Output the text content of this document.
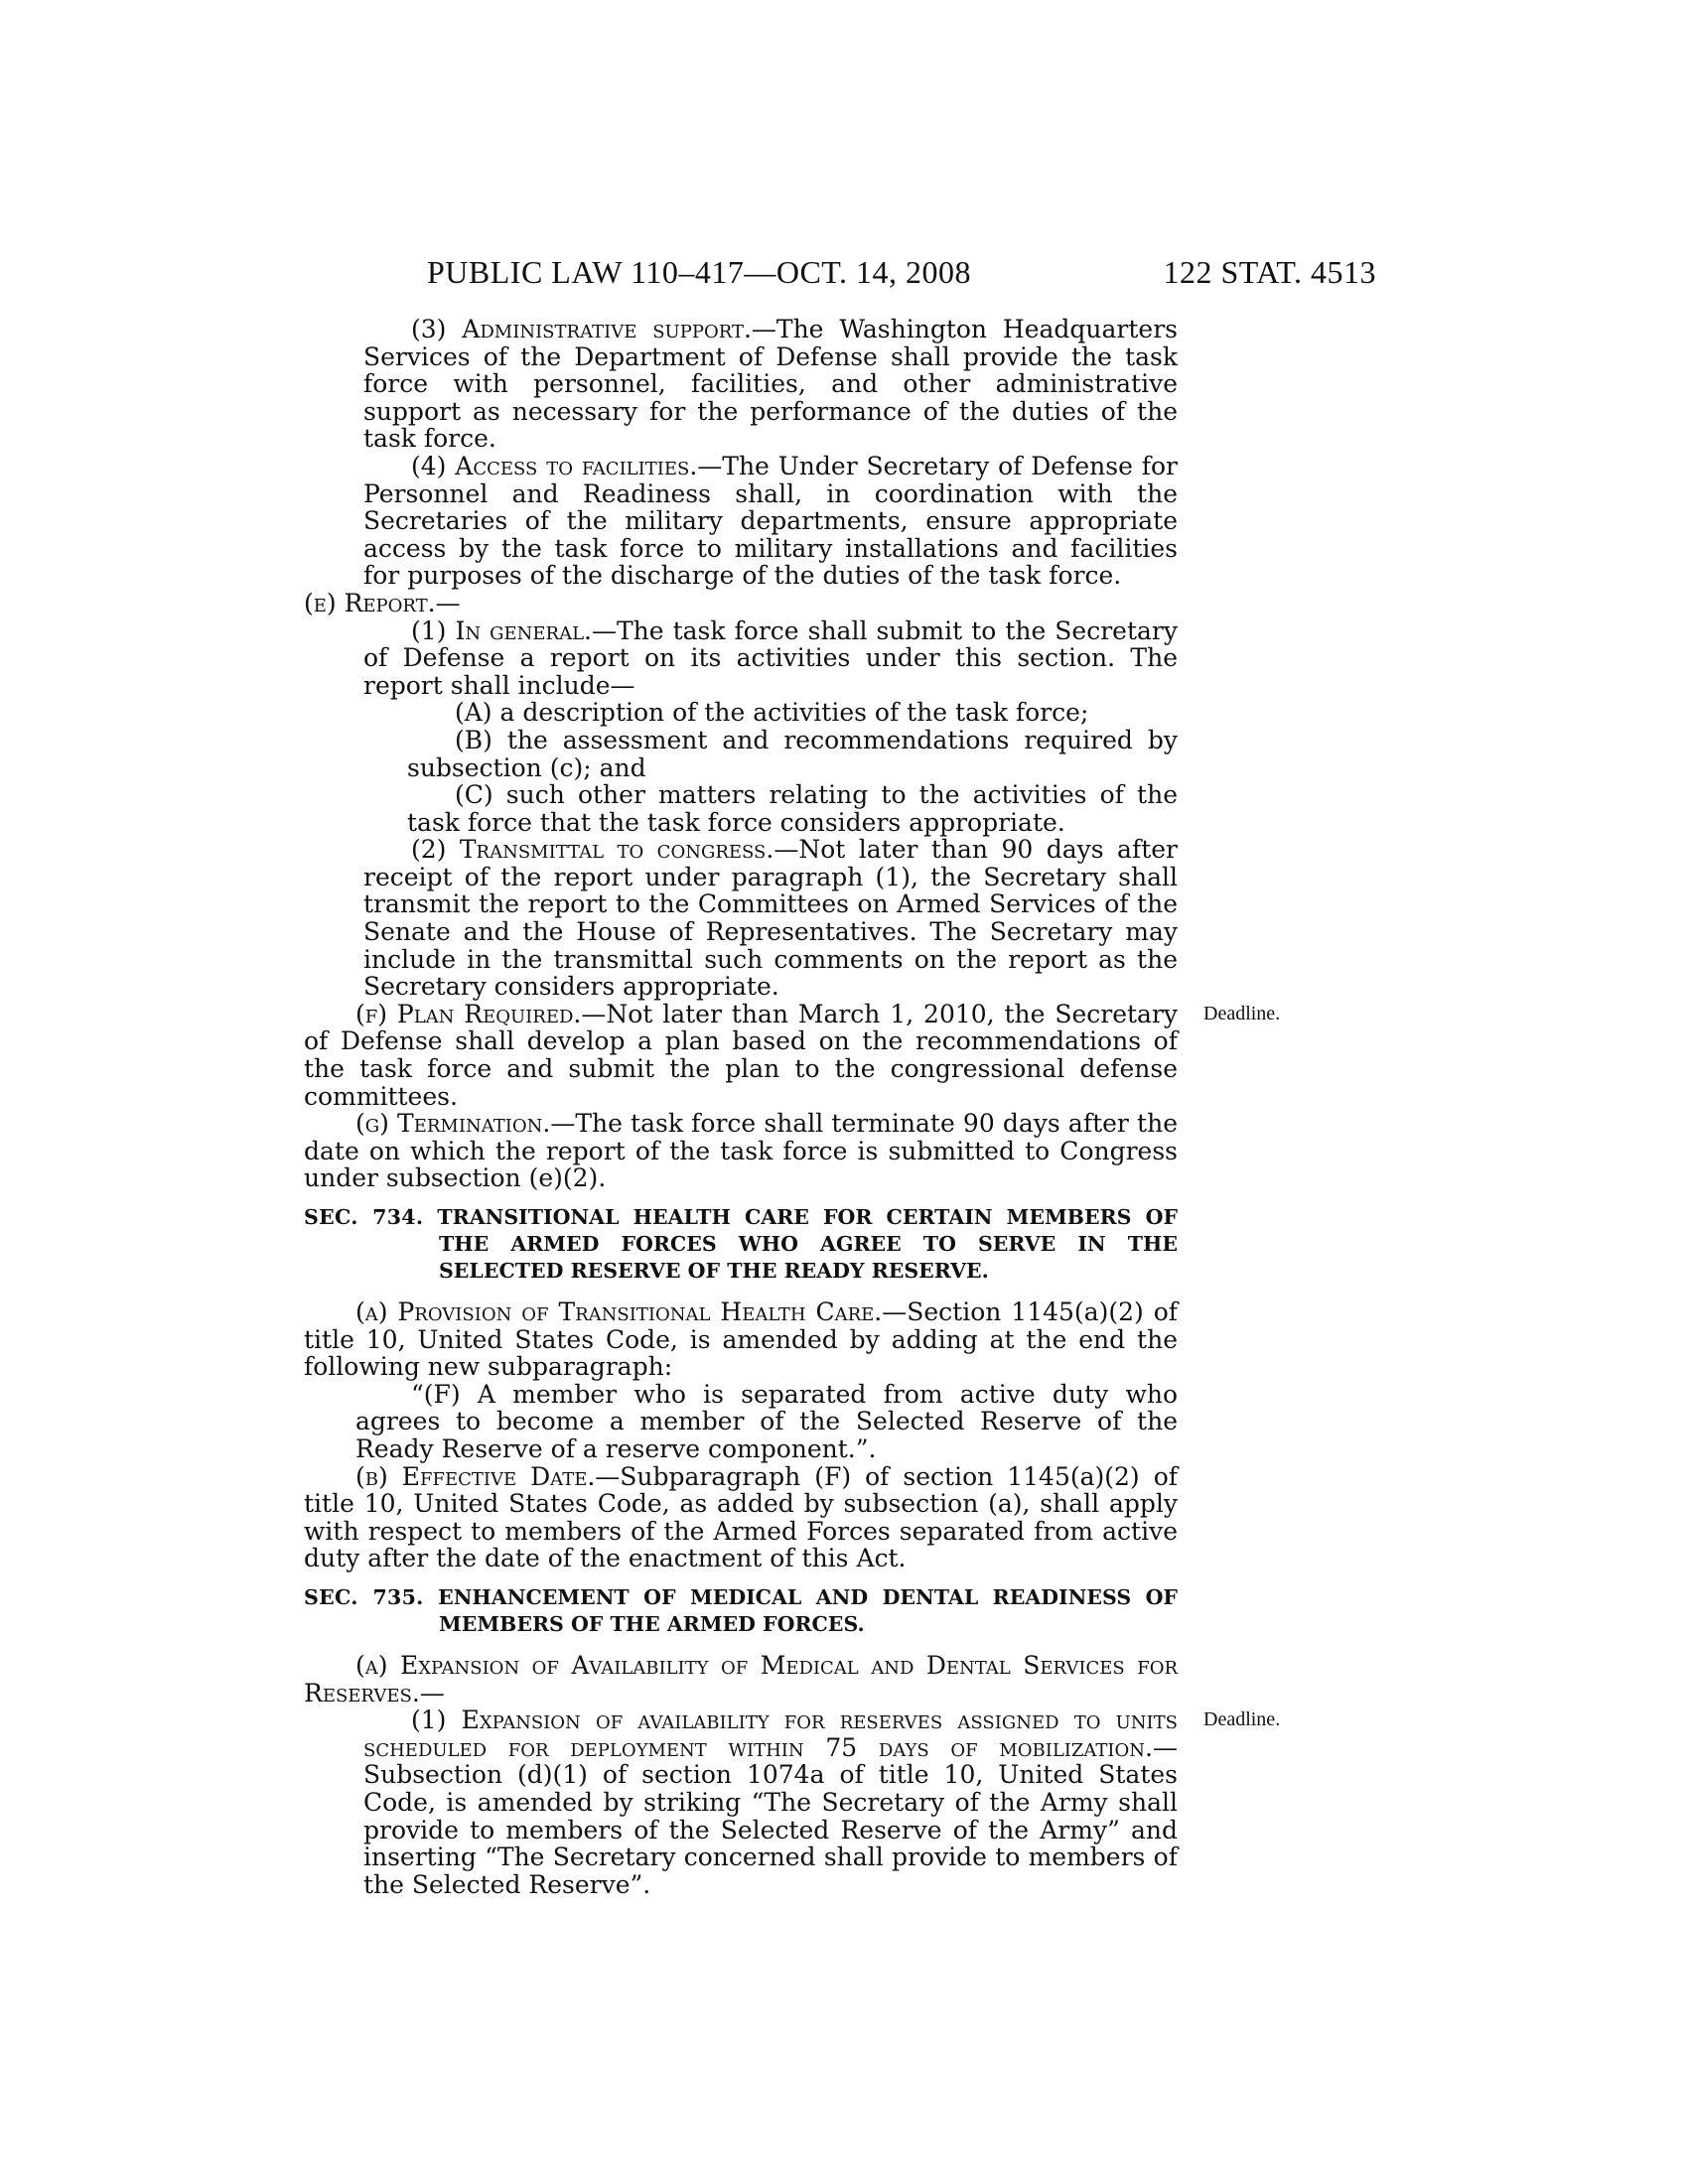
PUBLIC LAW 110–417—OCT. 14, 2008	122 STAT. 4513

(3) Administrative support.—The Washington Headquarters Services of the Department of Defense shall provide the task force with personnel, facilities, and other administrative support as necessary for the performance of the duties of the task force.

(4) Access to facilities.—The Under Secretary of Defense for Personnel and Readiness shall, in coordination with the Secretaries of the military departments, ensure appropriate access by the task force to military installations and facilities for purposes of the discharge of the duties of the task force.

(e) Report.—

(1) In general.—The task force shall submit to the Secretary of Defense a report on its activities under this section. The report shall include—

(A) a description of the activities of the task force;

(B) the assessment and recommendations required by subsection (c); and

(C) such other matters relating to the activities of the task force that the task force considers appropriate.

(2) Transmittal to congress.—Not later than 90 days after receipt of the report under paragraph (1), the Secretary shall transmit the report to the Committees on Armed Services of the Senate and the House of Representatives. The Secretary may include in the transmittal such comments on the report as the Secretary considers appropriate.

Deadline.
(f) Plan Required.—Not later than March 1, 2010, the Secretary of Defense shall develop a plan based on the recommendations of the task force and submit the plan to the congressional defense committees.

(g) Termination.—The task force shall terminate 90 days after the date on which the report of the task force is submitted to Congress under subsection (e)(2).

SEC. 734. TRANSITIONAL HEALTH CARE FOR CERTAIN MEMBERS OF THE ARMED FORCES WHO AGREE TO SERVE IN THE SELECTED RESERVE OF THE READY RESERVE.

(a) Provision of Transitional Health Care.—Section 1145(a)(2) of title 10, United States Code, is amended by adding at the end the following new subparagraph:

“(F) A member who is separated from active duty who agrees to become a member of the Selected Reserve of the Ready Reserve of a reserve component.”.

(b) Effective Date.—Subparagraph (F) of section 1145(a)(2) of title 10, United States Code, as added by subsection (a), shall apply with respect to members of the Armed Forces separated from active duty after the date of the enactment of this Act.

SEC. 735. ENHANCEMENT OF MEDICAL AND DENTAL READINESS OF MEMBERS OF THE ARMED FORCES.

(a) Expansion of Availability of Medical and Dental Services for Reserves.—

Deadline.
(1) Expansion of availability for reserves assigned to units scheduled for deployment within 75 days of mobilization.—Subsection (d)(1) of section 1074a of title 10, United States Code, is amended by striking “The Secretary of the Army shall provide to members of the Selected Reserve of the Army” and inserting “The Secretary concerned shall provide to members of the Selected Reserve”.
